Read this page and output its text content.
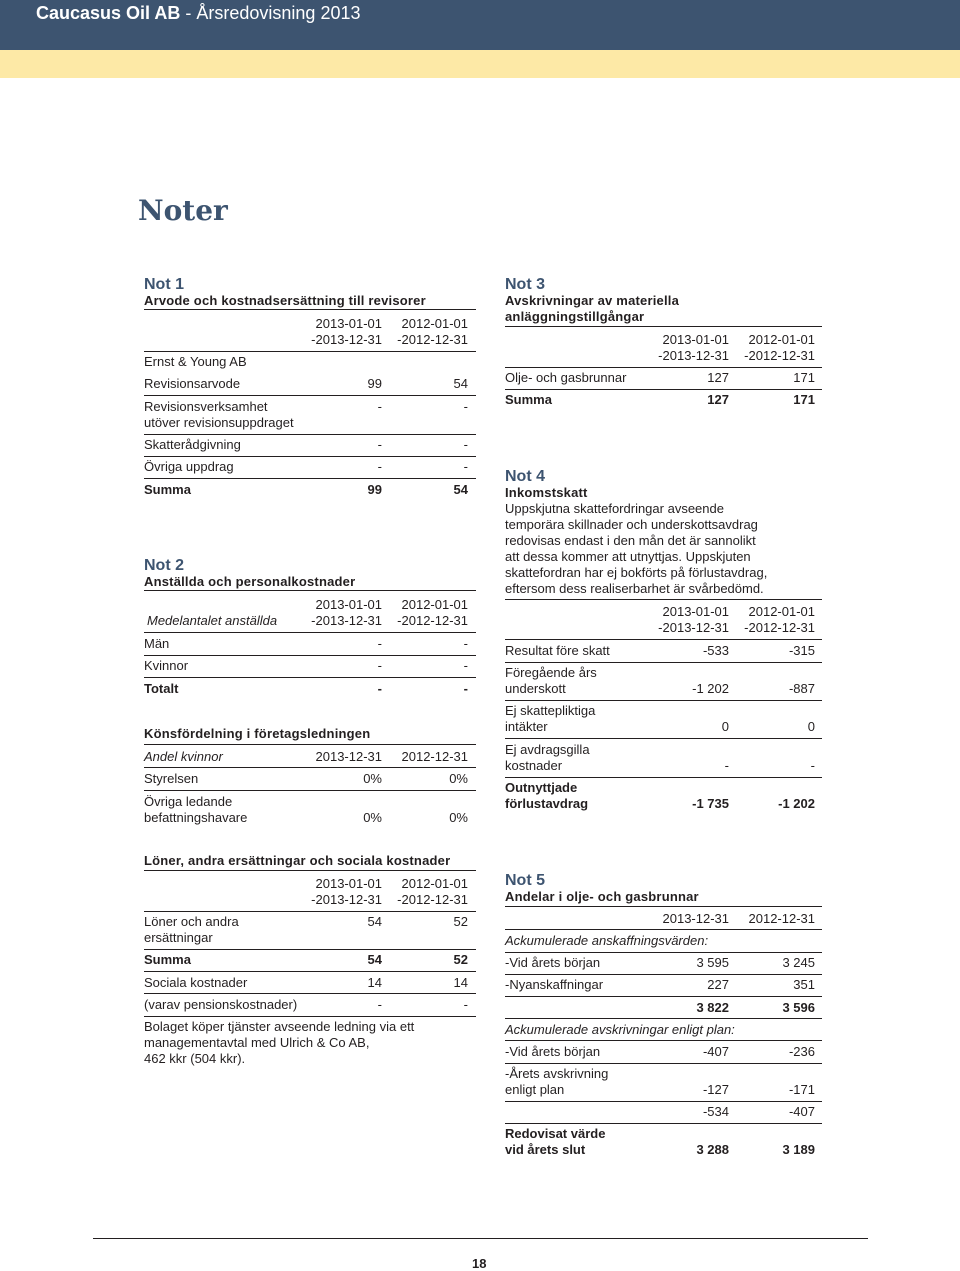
Caucasus Oil AB - Årsredovisning 2013
Noter
Not 1
Arvode och kostnadsersättning till revisorer
2013-01-01
-2013-12-31
2012-01-01
-2012-12-31
Ernst & Young AB
Revisionsarvode	99	54
Revisionsverksamhet
utöver revisionsuppdraget
-	-
Skatterådgivning	-	-
Övriga uppdrag	-	-
Summa	99	54
Not 2
Anställda och personalkostnader
Medelantalet anställda
2013-01-01
-2013-12-31
2012-01-01
-2012-12-31
Män	-	-
Kvinnor	-	-
Totalt	-	-
Könsfördelning i företagsledningen
Andel kvinnor	2013-12-31	2012-12-31
Styrelsen	0%	0%
Övriga ledande
befattningshavare	0%	0%
Löner, andra ersättningar och sociala kostnader
2013-01-01
-2013-12-31
2012-01-01
-2012-12-31
Löner och andra
ersättningar
54	52
Summa	54	52
Sociala kostnader	14	14
(varav pensionskostnader)	-	-
Bolaget köper tjänster avseende ledning via ett
managementavtal med Ulrich & Co AB,
462 kkr (504 kkr).
Not 3
Avskrivningar av materiella
anläggningstillgångar
2013-01-01
-2013-12-31
2012-01-01
-2012-12-31
Olje- och gasbrunnar	127	171
Summa	127	171
Not 4
Inkomstskatt
Uppskjutna skattefordringar avseende
temporära skillnader och underskottsavdrag
redovisas endast i den mån det är sannolikt
att dessa kommer att utnyttjas. Uppskjuten
skattefordran har ej bokförts på förlustavdrag,
eftersom dess realiserbarhet är svårbedömd.
2013-01-01
-2013-12-31
2012-01-01
-2012-12-31
Resultat före skatt	-533	-315
Föregående års
underskott	-1 202	-887
Ej skattepliktiga
intäkter	0	0
Ej avdragsgilla
kostnader	-	-
Outnyttjade
förlustavdrag	-1 735	-1 202
Not 5
Andelar i olje- och gasbrunnar
2013-12-31	2012-12-31
Ackumulerade anskaffningsvärden:
-Vid årets början	3 595	3 245
-Nyanskaffningar	227	351
3 822	3 596
Ackumulerade avskrivningar enligt plan:
-Vid årets början	-407	-236
-Årets avskrivning
enligt plan	-127	-171
-534	-407
Redovisat värde
vid årets slut	3 288	3 189
18
